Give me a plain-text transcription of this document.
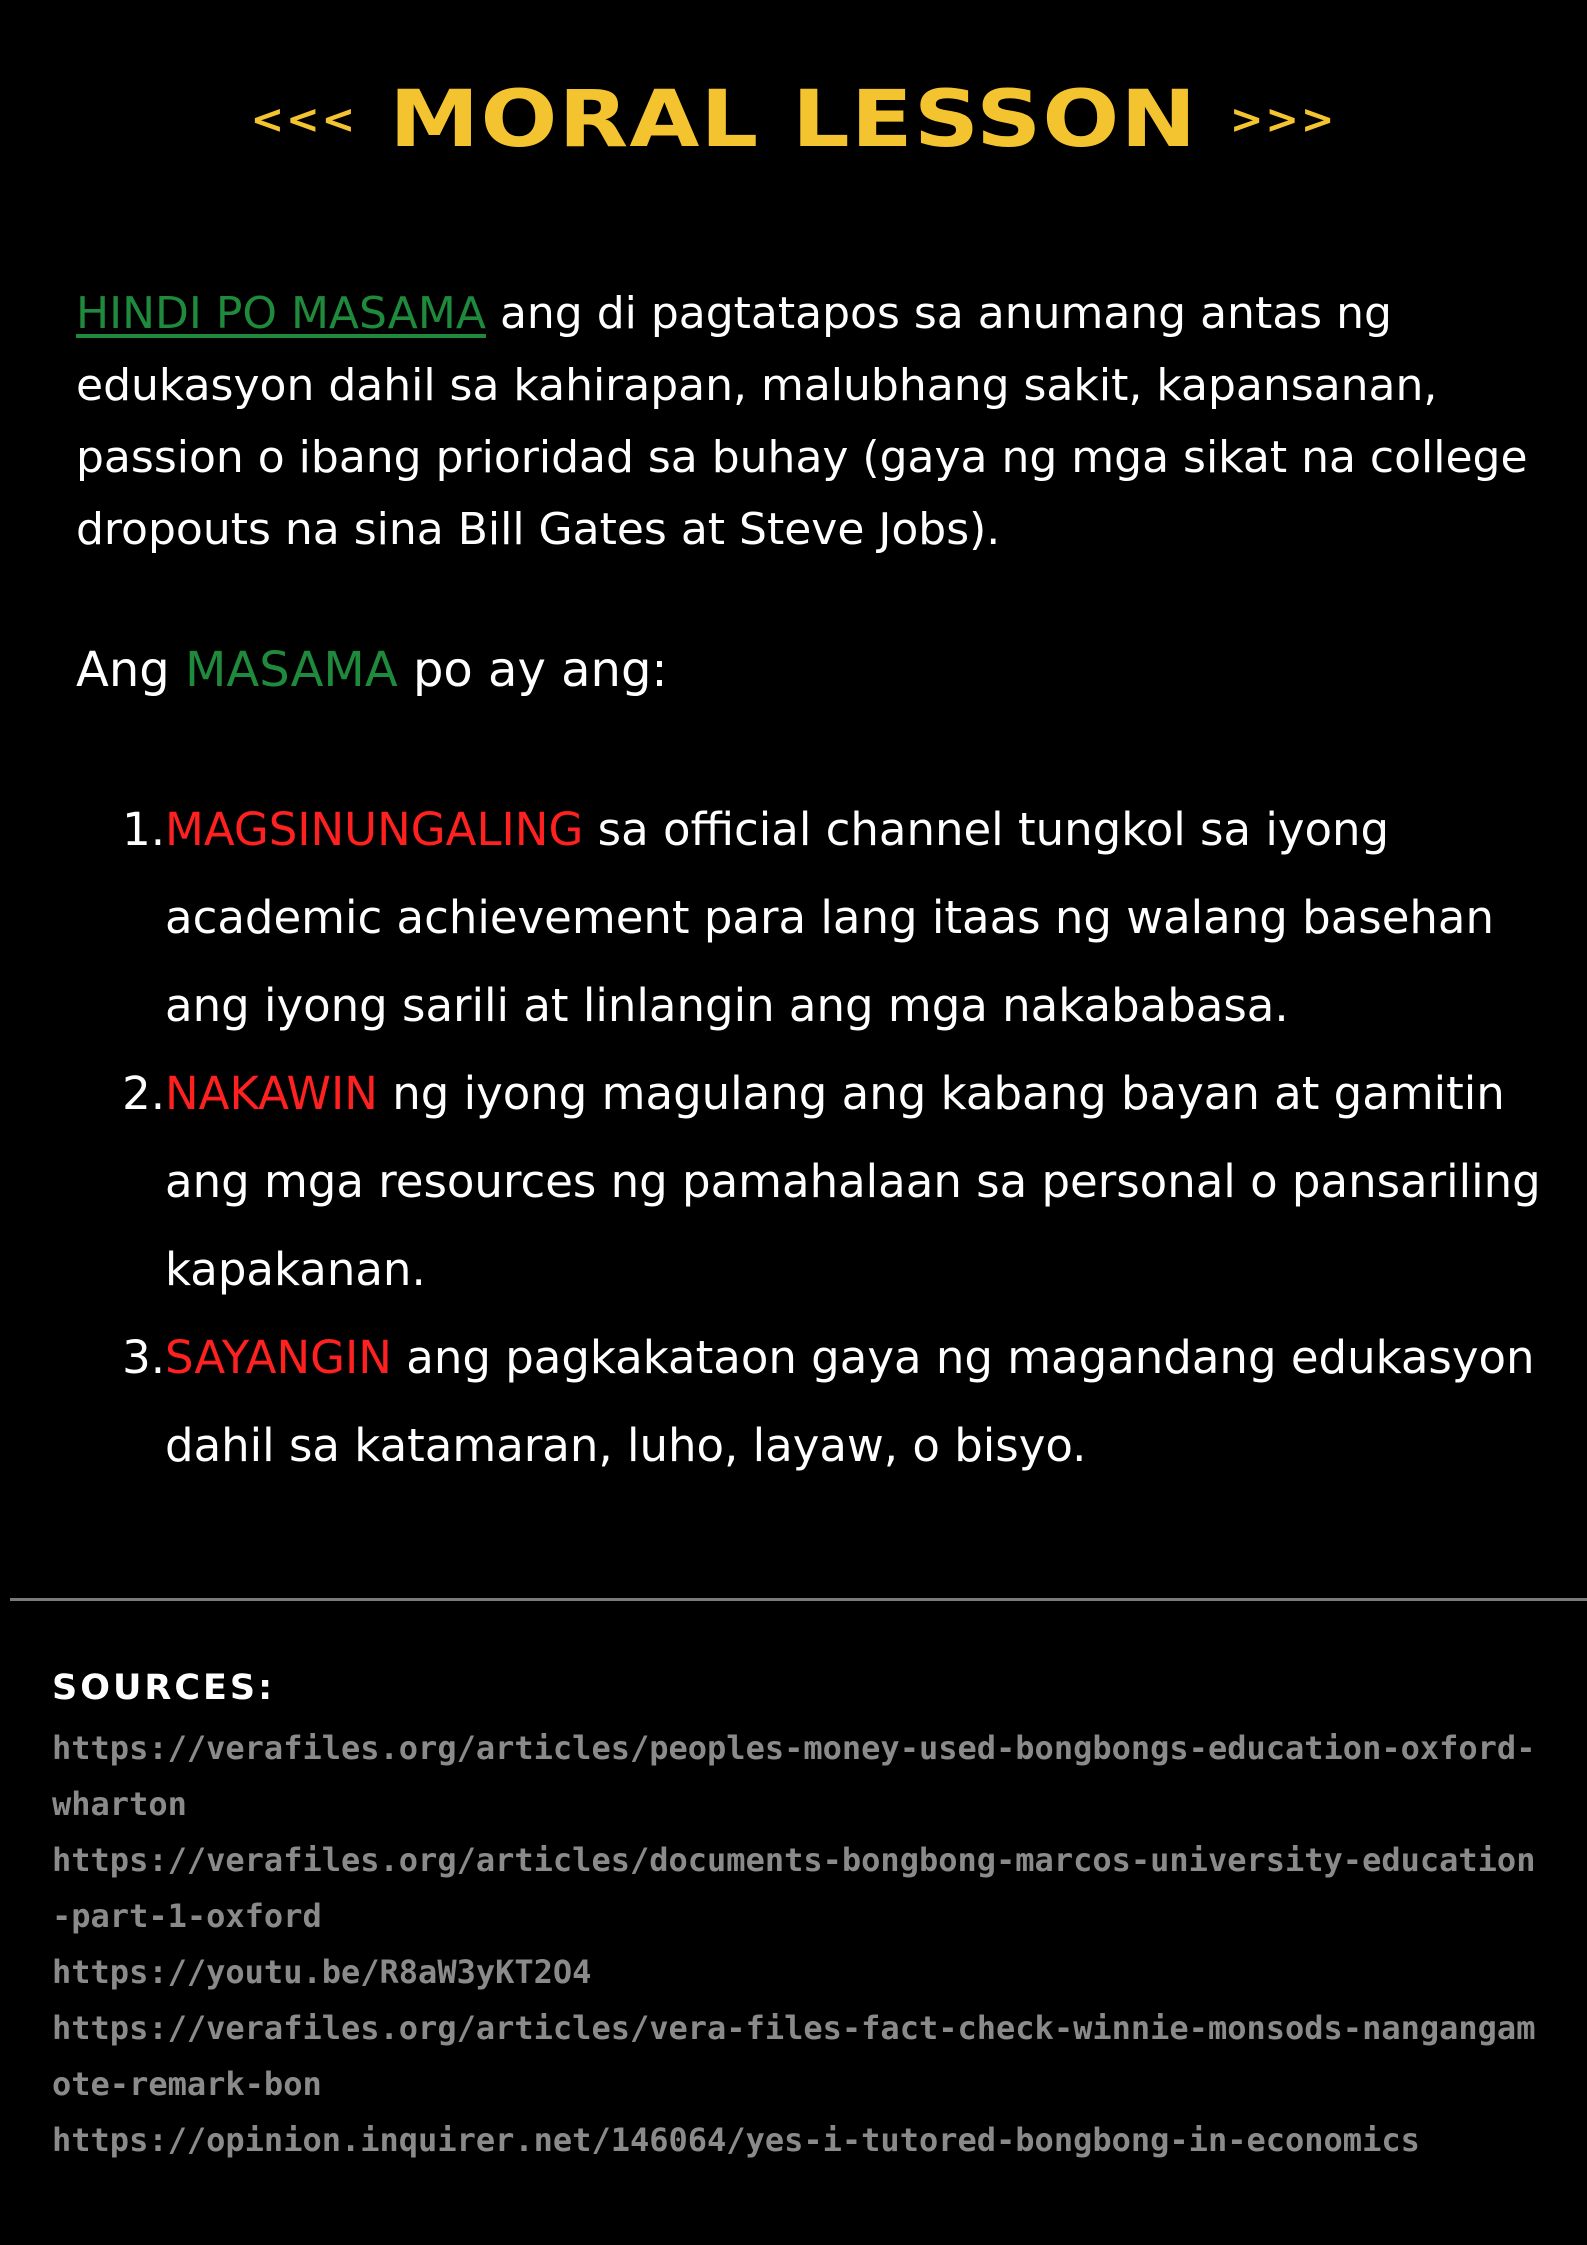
<<< MORAL LESSON >>>

HINDI PO MASAMA ang di pagtatapos sa anumang antas ng edukasyon dahil sa kahirapan, malubhang sakit, kapansanan, passion o ibang prioridad sa buhay (gaya ng mga sikat na college dropouts na sina Bill Gates at Steve Jobs).

Ang MASAMA po ay ang:

1. MAGSINUNGALING sa official channel tungkol sa iyong academic achievement para lang itaas ng walang basehan ang iyong sarili at linlangin ang mga nakababasa.
2. NAKAWIN ng iyong magulang ang kabang bayan at gamitin ang mga resources ng pamahalaan sa personal o pansariling kapakanan.
3. SAYANGIN ang pagkakataon gaya ng magandang edukasyon dahil sa katamaran, luho, layaw, o bisyo.
SOURCES:
https://verafiles.org/articles/peoples-money-used-bongbongs-education-oxford-wharton
https://verafiles.org/articles/documents-bongbong-marcos-university-education-part-1-oxford
https://youtu.be/R8aW3yKT2O4
https://verafiles.org/articles/vera-files-fact-check-winnie-monsods-nangangamote-remark-bon
https://opinion.inquirer.net/146064/yes-i-tutored-bongbong-in-economics
